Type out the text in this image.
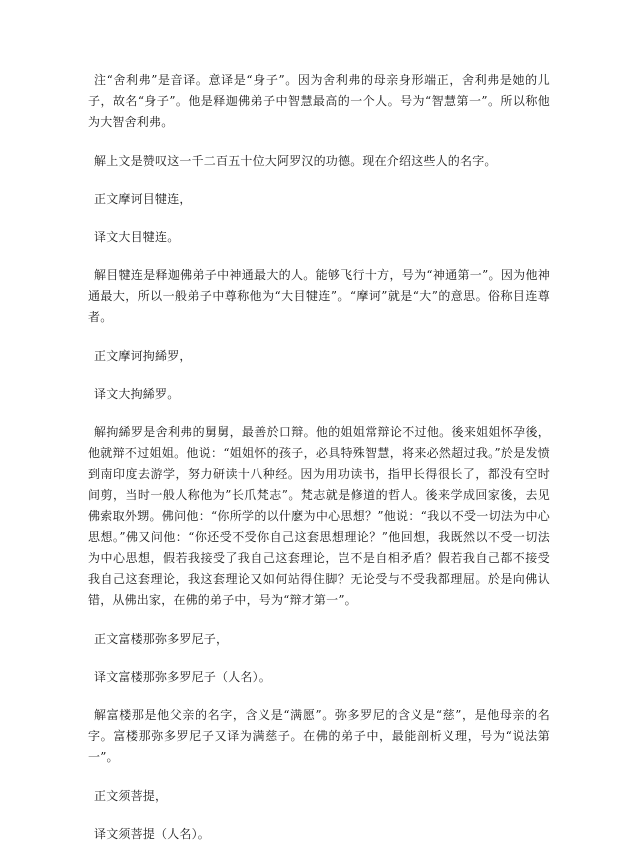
注“舍利弗”是音译。意译是“身子”。因为舍利弗的母亲身形端正，舍利弗是她的儿子，故名“身子”。他是释迦佛弟子中智慧最高的一个人。号为“智慧第一”。所以称他为大智舍利弗。

解上文是赞叹这一千二百五十位大阿罗汉的功德。现在介绍这些人的名字。

正文摩诃目犍连，

译文大目犍连。

解目犍连是释迦佛弟子中神通最大的人。能够飞行十方，号为“神通第一”。因为他神通最大，所以一般弟子中尊称他为“大目犍连”。“摩诃”就是“大”的意思。俗称目连尊者。

正文摩诃拘絺罗，

译文大拘絺罗。

解拘絺罗是舍利弗的舅舅，最善於口辩。他的姐姐常辩论不过他。後来姐姐怀孕後，他就辩不过姐姐。他说：“姐姐怀的孩子，必具特殊智慧，将来必然超过我。”於是发愤到南印度去游学，努力研读十八种经。因为用功读书，指甲长得很长了，都没有空时间剪，当时一般人称他为”长爪梵志”。梵志就是修道的哲人。後来学成回家後，去见佛索取外甥。佛问他：“你所学的以什麽为中心思想？”他说：“我以不受一切法为中心思想。”佛又问他：“你还受不受你自己这套思想理论？”他回想，我既然以不受一切法为中心思想，假若我接受了我自己这套理论，岂不是自相矛盾？假若我自己都不接受我自己这套理论，我这套理论又如何站得住脚？无论受与不受我都理屈。於是向佛认错，从佛出家，在佛的弟子中，号为“辩才第一”。

正文富楼那弥多罗尼子，

译文富楼那弥多罗尼子（人名）。

解富楼那是他父亲的名字，含义是“满愿”。弥多罗尼的含义是“慈”，是他母亲的名字。富楼那弥多罗尼子又译为满慈子。在佛的弟子中，最能剖析义理，号为“说法第一”。

正文须菩提，

译文须菩提（人名）。
